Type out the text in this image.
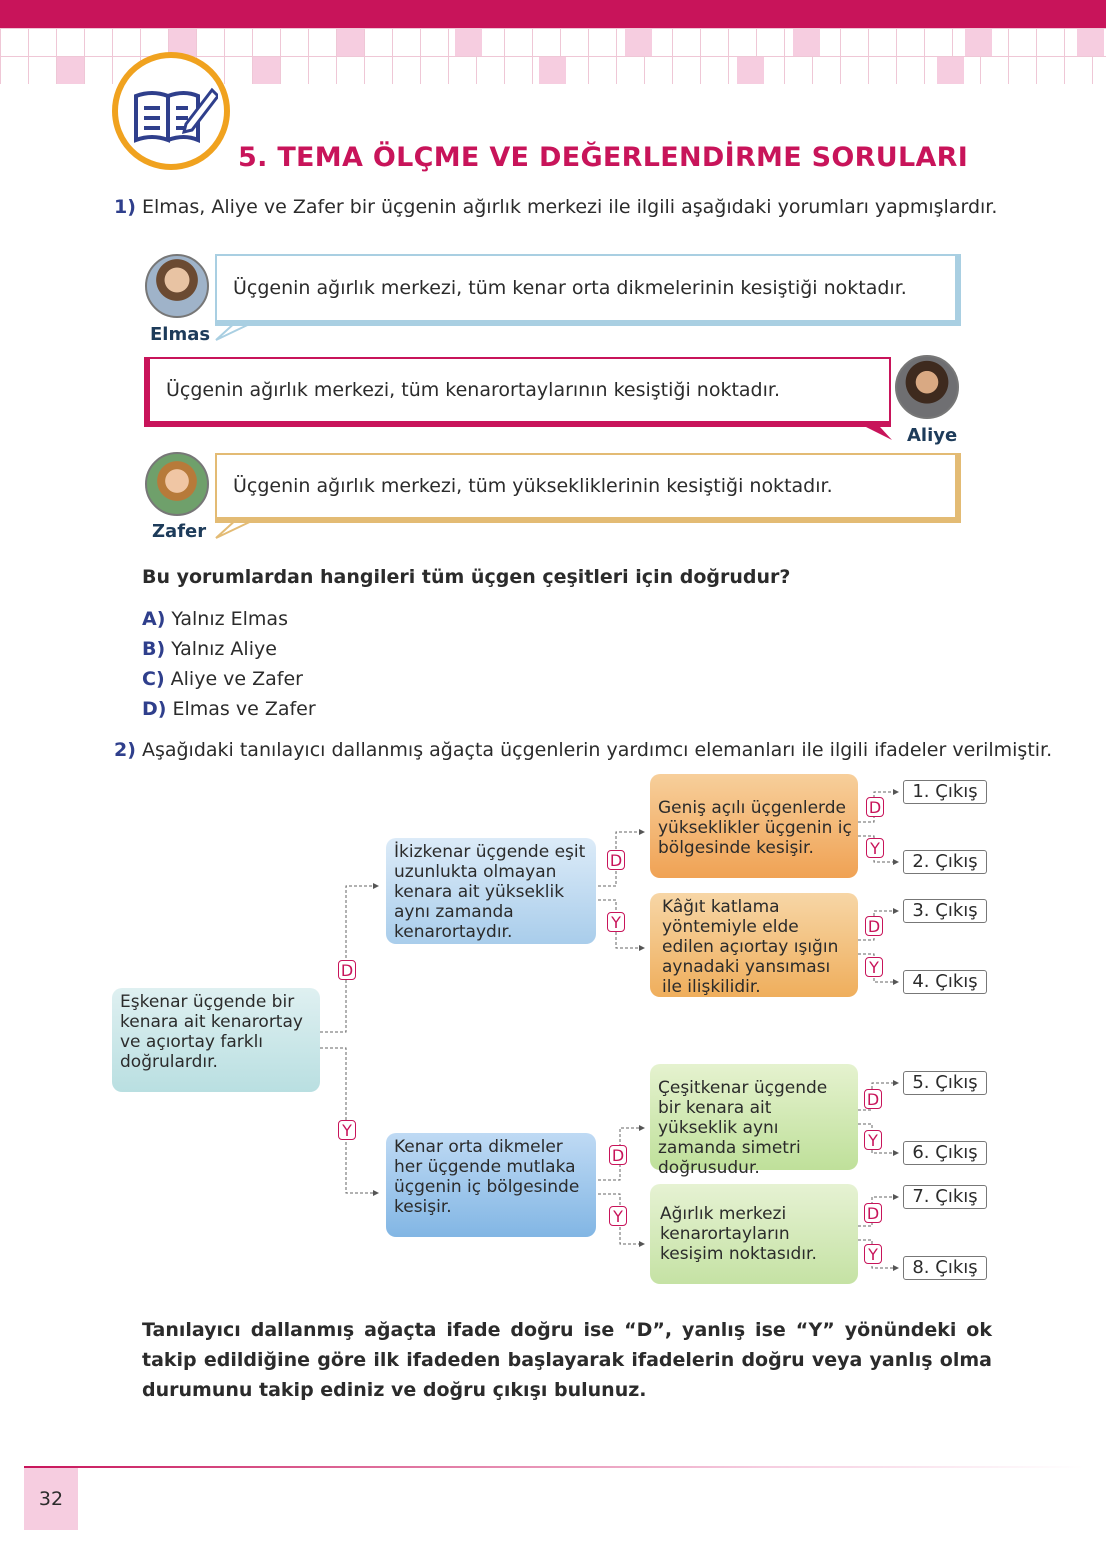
5. TEMA ÖLÇME VE DEĞERLENDİRME SORULARI
1) Elmas, Aliye ve Zafer bir üçgenin ağırlık merkezi ile ilgili aşağıdaki yorumları yapmışlardır.
Elmas
Üçgenin ağırlık merkezi, tüm kenar orta dikmelerinin kesiştiği noktadır.
Üçgenin ağırlık merkezi, tüm kenarortaylarının kesiştiği noktadır.
Aliye
Zafer
Üçgenin ağırlık merkezi, tüm yüksekliklerinin kesiştiği noktadır.
Bu yorumlardan hangileri tüm üçgen çeşitleri için doğrudur?
A) Yalnız Elmas
B) Yalnız Aliye
C) Aliye ve Zafer
D) Elmas ve Zafer
2) Aşağıdaki tanılayıcı dallanmış ağaçta üçgenlerin yardımcı elemanları ile ilgili ifadeler verilmiştir.
Eşkenar üçgende bir kenara ait kenarortay ve açıortay farklı doğrulardır.
İkizkenar üçgende eşit uzunlukta olmayan kenara ait yükseklik aynı zamanda kenarortaydır.
Kenar orta dikmeler her üçgende mutlaka üçgenin iç bölgesinde kesişir.
Geniş açılı üçgenlerde yükseklikler üçgenin iç bölgesinde kesişir.
Kâğıt katlama yöntemiyle elde edilen açıortay ışığın aynadaki yansıması ile ilişkilidir.
Çeşitkenar üçgende bir kenara ait yükseklik aynı zamanda simetri doğrusudur.
Ağırlık merkezi kenarortayların kesişim noktasıdır.
D
Y
D
Y
D
Y
D
Y
D
Y
D
Y
D
Y
1. Çıkış
2. Çıkış
3. Çıkış
4. Çıkış
5. Çıkış
6. Çıkış
7. Çıkış
8. Çıkış
Tanılayıcı dallanmış ağaçta ifade doğru ise “D”, yanlış ise “Y” yönündeki ok takip edildiğine göre ilk ifadeden başlayarak ifadelerin doğru veya yanlış olma durumunu takip ediniz ve doğru çıkışı bulunuz.
32
